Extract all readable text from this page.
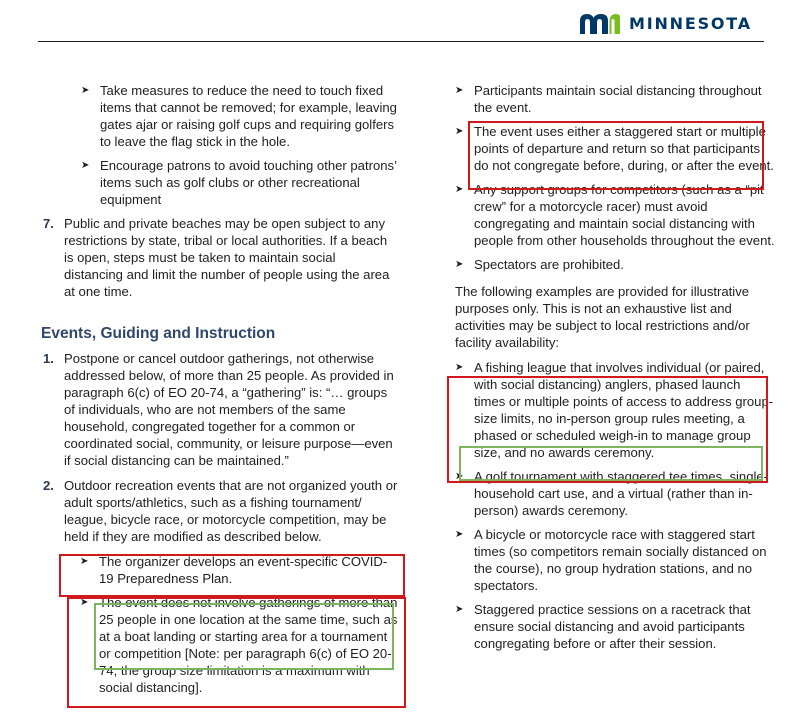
MINNESOTA
➤ Take measures to reduce the need to touch fixed items that cannot be removed; for example, leaving gates ajar or raising golf cups and requiring golfers to leave the flag stick in the hole.
➤ Encourage patrons to avoid touching other patrons’ items such as golf clubs or other recreational equipment
7. Public and private beaches may be open subject to any restrictions by state, tribal or local authorities. If a beach is open, steps must be taken to maintain social distancing and limit the number of people using the area at one time.
Events, Guiding and Instruction
1. Postpone or cancel outdoor gatherings, not otherwise addressed below, of more than 25 people. As provided in paragraph 6(c) of EO 20-74, a “gathering” is: “… groups of individuals, who are not members of the same household, congregated together for a common or coordinated social, community, or leisure purpose—even if social distancing can be maintained.”
2. Outdoor recreation events that are not organized youth or adult sports/athletics, such as a fishing tournament/ league, bicycle race, or motorcycle competition, may be held if they are modified as described below.
➤ The organizer develops an event-specific COVID-19 Preparedness Plan.
➤ The event does not involve gatherings of more than 25 people in one location at the same time, such as at a boat landing or starting area for a tournament or competition [Note: per paragraph 6(c) of EO 20-74, the group size limitation is a maximum with social distancing].
➤ Participants maintain social distancing throughout the event.
➤ The event uses either a staggered start or multiple points of departure and return so that participants do not congregate before, during, or after the event.
➤ Any support groups for competitors (such as a “pit crew” for a motorcycle racer) must avoid congregating and maintain social distancing with people from other households throughout the event.
➤ Spectators are prohibited.
The following examples are provided for illustrative purposes only. This is not an exhaustive list and activities may be subject to local restrictions and/or facility availability:
➤ A fishing league that involves individual (or paired, with social distancing) anglers, phased launch times or multiple points of access to address group-size limits, no in-person group rules meeting, a phased or scheduled weigh-in to manage group size, and no awards ceremony.
➤ A golf tournament with staggered tee times, single-household cart use, and a virtual (rather than in-person) awards ceremony.
➤ A bicycle or motorcycle race with staggered start times (so competitors remain socially distanced on the course), no group hydration stations, and no spectators.
➤ Staggered practice sessions on a racetrack that ensure social distancing and avoid participants congregating before or after their session.
